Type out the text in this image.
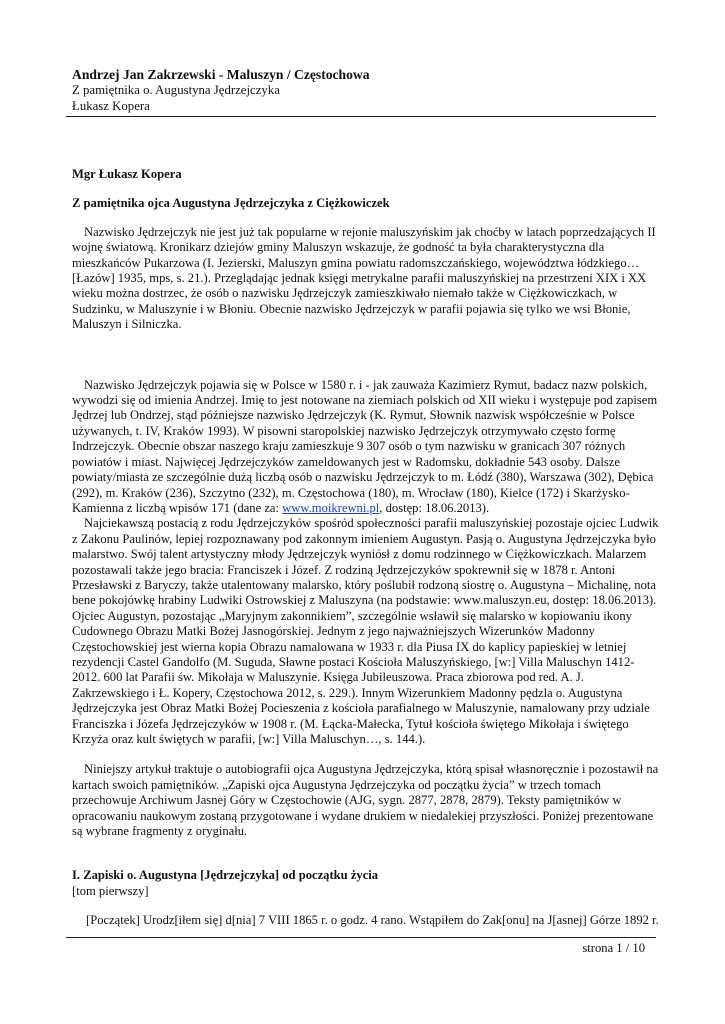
Andrzej Jan Zakrzewski - Maluszyn / Częstochowa
Z pamiętnika o. Augustyna Jędrzejczyka
Łukasz Kopera

Mgr Łukasz Kopera

Z pamiętnika ojca Augustyna Jędrzejczyka z Ciężkowiczek

Nazwisko Jędrzejczyk nie jest już tak popularne w rejonie maluszyńskim jak choćby w latach poprzedzających II wojnę światową. Kronikarz dziejów gminy Maluszyn wskazuje, że godność ta była charakterystyczna dla mieszkańców Pukarzowa (I. Jezierski, Maluszyn gmina powiatu radomszczańskiego, województwa łódzkiego… [Łazów] 1935, mps, s. 21.). Przeglądając jednak księgi metrykalne parafii maluszyńskiej na przestrzeni XIX i XX wieku można dostrzec, że osób o nazwisku Jędrzejczyk zamieszkiwało niemało także w Ciężkowiczkach, w Sudzinku, w Maluszynie i w Błoniu. Obecnie nazwisko Jędrzejczyk w parafii pojawia się tylko we wsi Błonie, Maluszyn i Silniczka.

Nazwisko Jędrzejczyk pojawia się w Polsce w 1580 r. i - jak zauważa Kazimierz Rymut, badacz nazw polskich, wywodzi się od imienia Andrzej. Imię to jest notowane na ziemiach polskich od XII wieku i występuje pod zapisem Jędrzej lub Ondrzej, stąd późniejsze nazwisko Jędrzejczyk (K. Rymut, Słownik nazwisk współcześnie w Polsce używanych, t. IV, Kraków 1993). W pisowni staropolskiej nazwisko Jędrzejczyk otrzymywało często formę Indrzejczyk. Obecnie obszar naszego kraju zamieszkuje 9 307 osób o tym nazwisku w granicach 307 różnych powiatów i miast. Najwięcej Jędrzejczyków zameldowanych jest w Radomsku, dokładnie 543 osoby. Dalsze powiaty/miasta ze szczególnie dużą liczbą osób o nazwisku Jędrzejczyk to m. Łódź (380), Warszawa (302), Dębica (292), m. Kraków (236), Szczytno (232), m. Częstochowa (180), m. Wrocław (180), Kielce (172) i Skarżysko-Kamienna z liczbą wpisów 171 (dane za: www.moikrewni.pl, dostęp: 18.06.2013).

Najciekawszą postacią z rodu Jędrzejczyków spośród społeczności parafii maluszyńskiej pozostaje ojciec Ludwik z Zakonu Paulinów, lepiej rozpoznawany pod zakonnym imieniem Augustyn. Pasją o. Augustyna Jędrzejczyka było malarstwo. Swój talent artystyczny młody Jędrzejczyk wyniósł z domu rodzinnego w Ciężkowiczkach. Malarzem pozostawali także jego bracia: Franciszek i Józef. Z rodziną Jędrzejczyków spokrewnił się w 1878 r. Antoni Przesławski z Baryczy, także utalentowany malarsko, który poślubił rodzoną siostrę o. Augustyna – Michalinę, nota bene pokojówkę hrabiny Ludwiki Ostrowskiej z Maluszyna (na podstawie: www.maluszyn.eu, dostęp: 18.06.2013). Ojciec Augustyn, pozostając „Maryjnym zakonnikiem”, szczególnie wsławił się malarsko w kopiowaniu ikony Cudownego Obrazu Matki Bożej Jasnogórskiej. Jednym z jego najważniejszych Wizerunków Madonny Częstochowskiej jest wierna kopia Obrazu namalowana w 1933 r. dla Piusa IX do kaplicy papieskiej w letniej rezydencji Castel Gandolfo (M. Suguda, Sławne postaci Kościoła Maluszyńskiego, [w:] Villa Maluschyn 1412-2012. 600 lat Parafii św. Mikołaja w Maluszynie. Księga Jubileuszowa. Praca zbiorowa pod red. A. J. Zakrzewskiego i Ł. Kopery, Częstochowa 2012, s. 229.). Innym Wizerunkiem Madonny pędzla o. Augustyna Jędrzejczyka jest Obraz Matki Bożej Pocieszenia z kościoła parafialnego w Maluszynie, namalowany przy udziale Franciszka i Józefa Jędrzejczyków w 1908 r. (M. Łącka-Małecka, Tytuł kościoła świętego Mikołaja i świętego Krzyża oraz kult świętych w parafii, [w:] Villa Maluschyn…, s. 144.).

Niniejszy artykuł traktuje o autobiografii ojca Augustyna Jędrzejczyka, którą spisał własnoręcznie i pozostawił na kartach swoich pamiętników. „Zapiski ojca Augustyna Jędrzejczyka od początku życia” w trzech tomach przechowuje Archiwum Jasnej Góry w Częstochowie (AJG, sygn. 2877, 2878, 2879). Teksty pamiętników w opracowaniu naukowym zostaną przygotowane i wydane drukiem w niedalekiej przyszłości. Poniżej prezentowane są wybrane fragmenty z oryginału.

I. Zapiski o. Augustyna [Jędrzejczyka] od początku życia

[tom pierwszy]

[Początek] Urodz[iłem się] d[nia] 7 VIII 1865 r. o godz. 4 rano. Wstąpiłem do Zak[onu] na J[asnej] Górze 1892 r.

strona 1 / 10
